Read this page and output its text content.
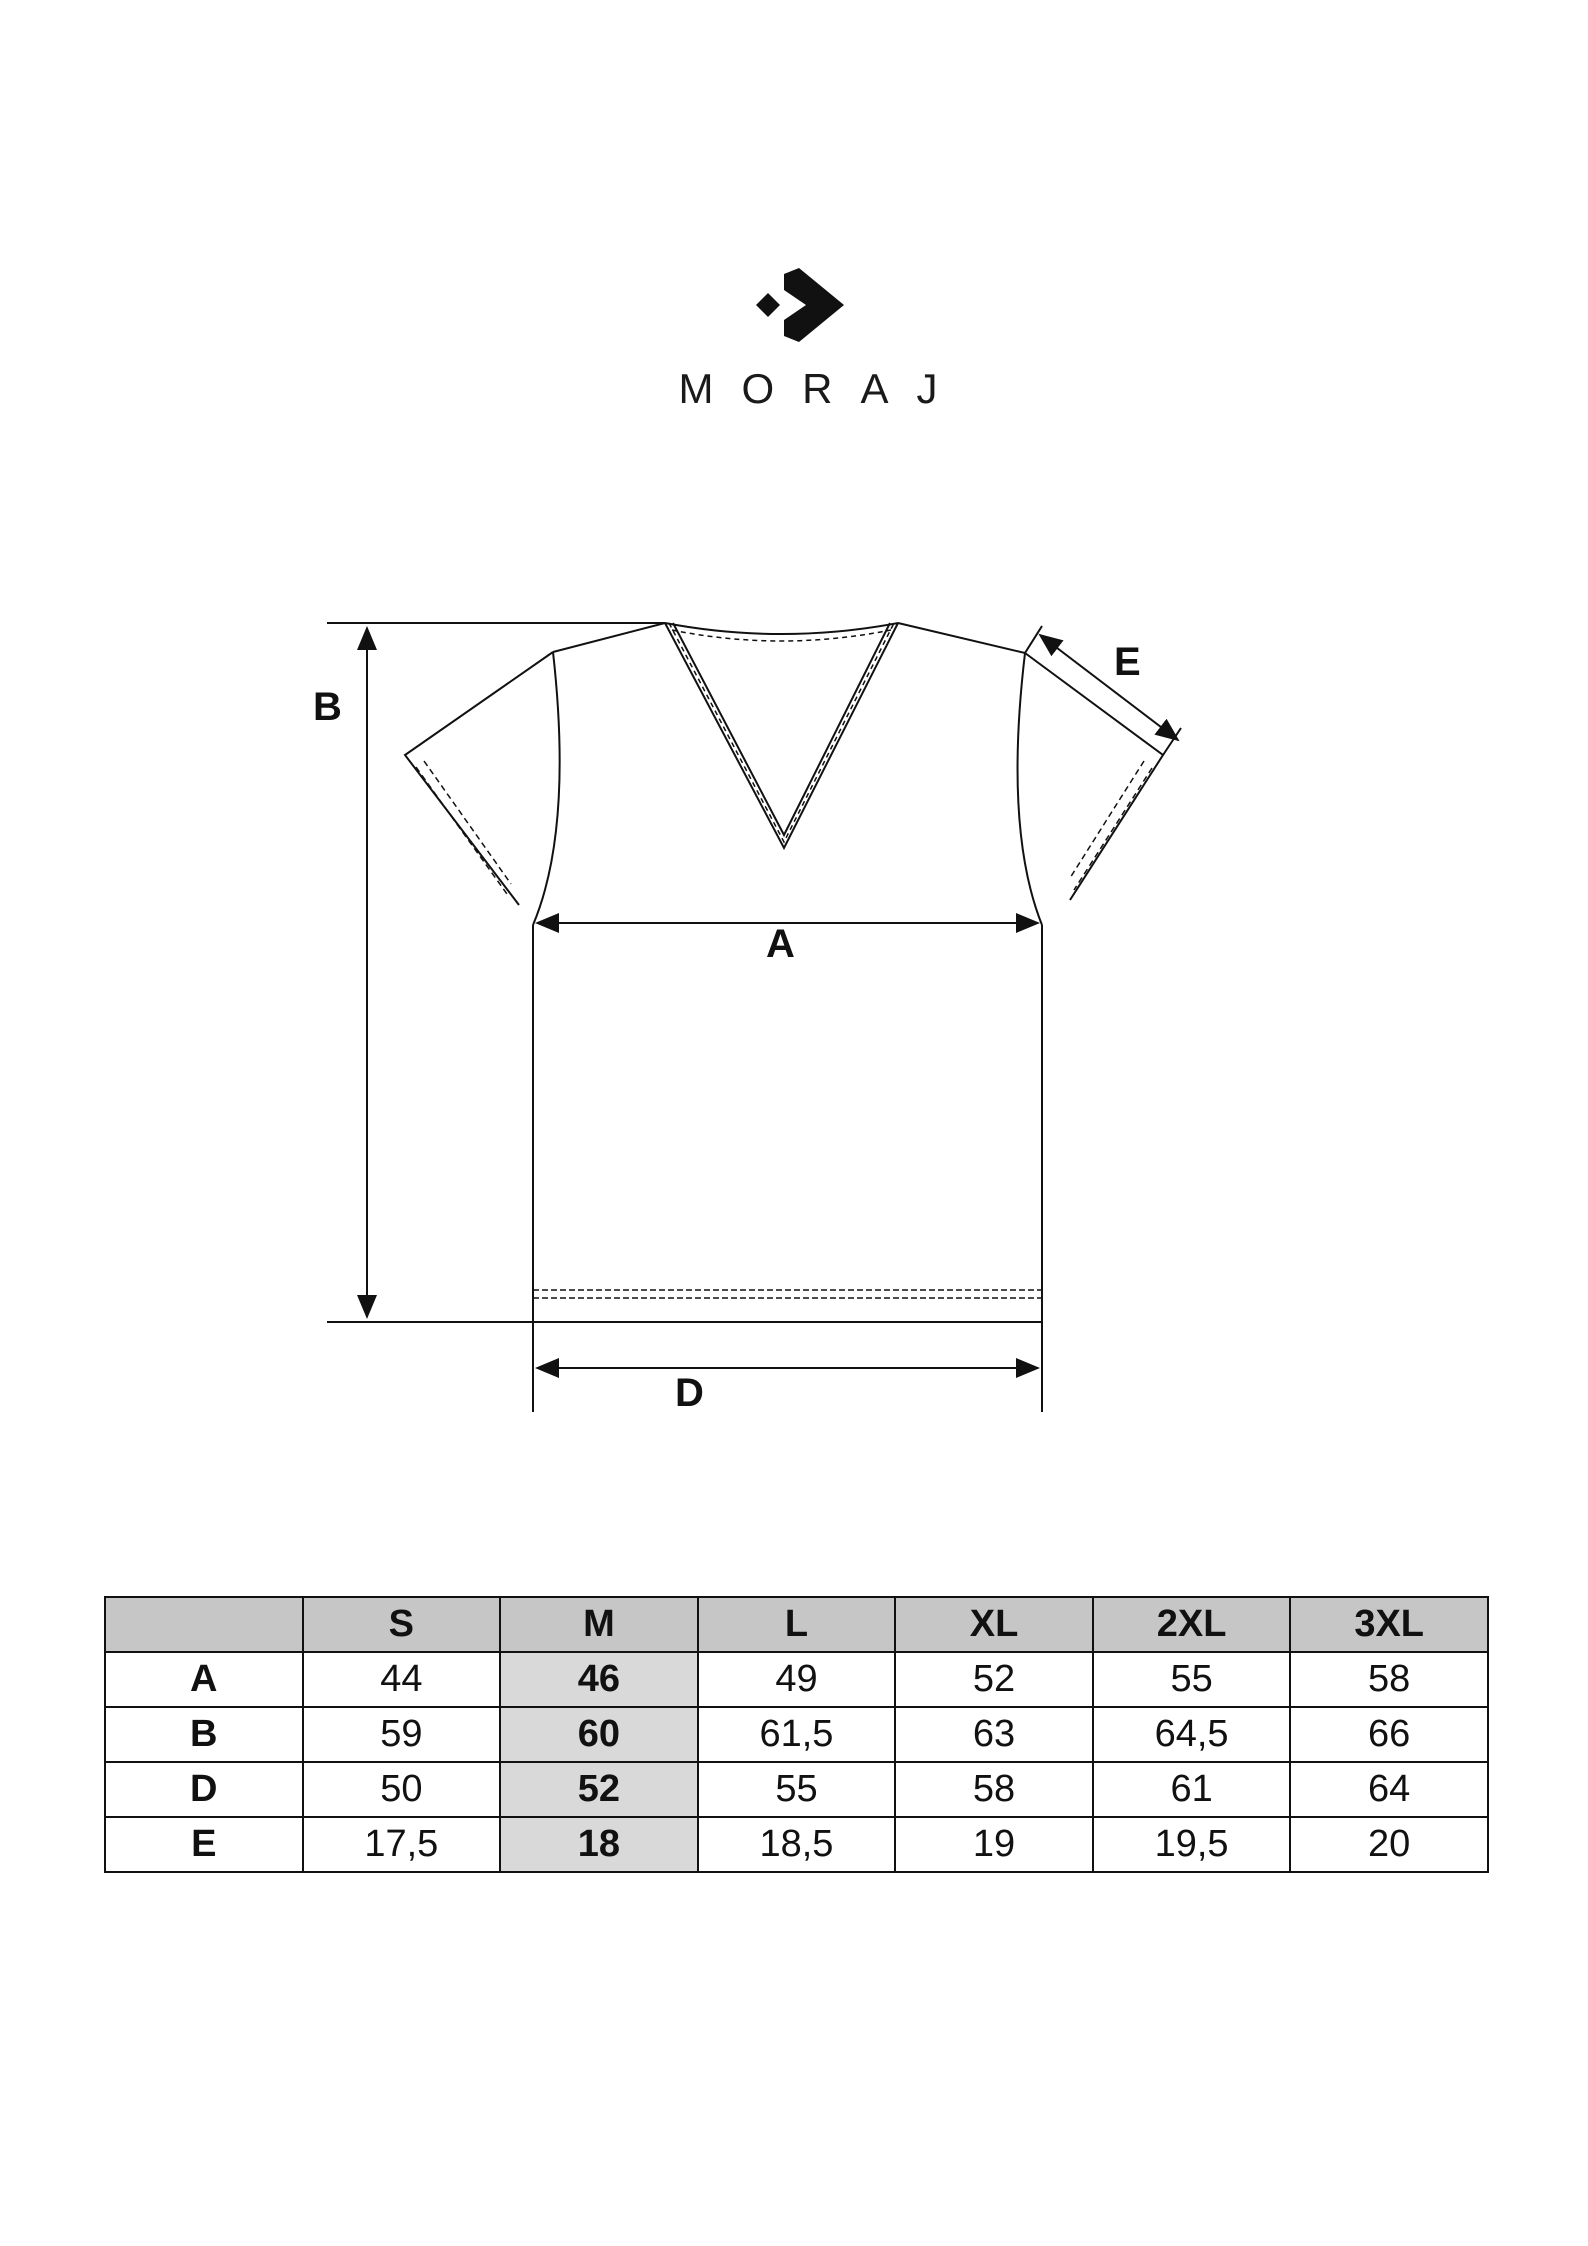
MORAJ
B
A
D
E
	S	M	L	XL	2XL	3XL
A	44	46	49	52	55	58
B	59	60	61,5	63	64,5	66
D	50	52	55	58	61	64
E	17,5	18	18,5	19	19,5	20
